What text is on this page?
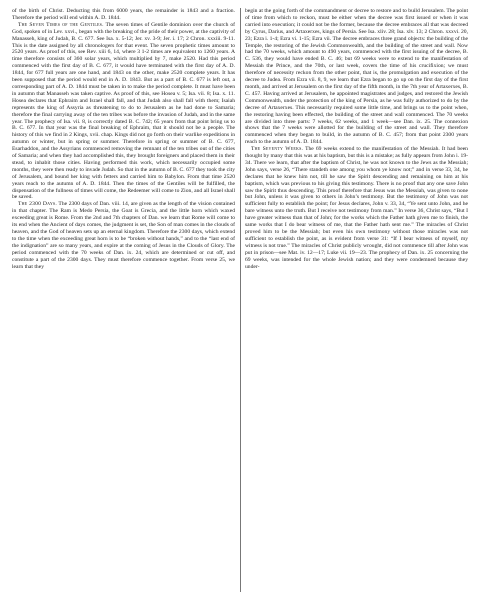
of the birth of Christ. Deducting this from 6000 years, the remainder is 1843 and a fraction. Therefore the period will end within A. D. 1844.

The Seven Times of the Gentiles. The seven times of Gentile dominion over the church of God, spoken of in Lev. xxvi., began with the breaking of the pride of their power, at the captivity of Manasseh, king of Judah, B. C. 677. See Isa. x. 5-12; Jer. xv. 3-9; Jer. i. 17; 2 Chron. xxxiii. 9-11. This is the date assigned by all chronologers for that event. The seven prophetic times amount to 2520 years. As proof of this, see Rev. xiii 6, 14, where 3 1-2 times are equivalent to 1260 years. A time therefore consists of 360 solar years, which multiplied by 7, make 2520. Had this period commenced with the first day of B. C. 677, it would have terminated with the first day of A. D. 1844, for 677 full years are one hand, and 1843 on the other, make 2520 complete years. It has been supposed that the period would end in A. D. 1843. But as a part of B. C. 677 is left out, a corresponding part of A. D. 1844 must be taken in to make the period complete. It must have been in autumn that Manasseh was taken captive. As proof of this, see Hosea v. 5; Isa. vii. 8; Isa. x. 11. Hosea declares that Ephraim and Israel shall fall, and that Judah also shall fall with them; Isaiah represents the king of Assyria as threatening to do to Jerusalem as he had done to Samaria; therefore the final carrying away of the ten tribes was before the invasion of Judah, and in the same year. The prophecy of Isa. vii. 8, is correctly dated B. C. 742; 65 years from that point bring us to B. C. 677. In that year was the final breaking of Ephraim, that it should not be a people. The history of this we find in 2 Kings, xvii. chap. Kings did not go forth on their warlike expeditions in autumn or winter, but in spring or summer. Therefore in spring or summer of B. C. 677, Esarhaddon, and the Assyrians commenced removing the remnant of the ten tribes out of the cities of Samaria; and when they had accomplished this, they brought foreigners and placed them in their stead, to inhabit those cities. Having performed this work, which necessarily occupied some months, they were then ready to invade Judah. So that in the autumn of B. C. 677 they took the city of Jerusalem, and bound her king with fetters and carried him to Babylon. From that time 2520 years reach to the autumn of A. D. 1844. Then the times of the Gentiles will be fulfilled, the dispensation of the fullness of times will come, the Redeemer will come to Zion, and all Israel shall be saved.

The 2300 Days. The 2300 days of Dan. viii. 14, are given as the length of the vision contained in that chapter. The Ram is Medo Persia, the Goat is Grecia, and the little horn which waxed exceeding great is Rome. From the 2nd and 7th chapters of Dan. we learn that Rome will come to its end when the Ancient of days comes, the judgment is set, the Son of man comes in the clouds of heaven, and the God of heaven sets up an eternal kingdom. Therefore the 2300 days, which extend to the time when the exceeding great horn is to be “broken without hands,” and to the “last end of the indignation” are so many years, and expire at the coming of Jesus in the Clouds of Glory. The period commenced with the 70 weeks of Dan. ix. 24, which are determined or cut off, and constitute a part of the 2300 days. They must therefore commence together. From verse 25, we learn that they

begin at the going forth of the commandment or decree to restore and to build Jerusalem. The point of time from which to reckon, must be either when the decree was first issued or when it was carried into execution; it could not be the former, because the decree embraces all that was decreed by Cyrus, Darius, and Artaxerxes, kings of Persia. See Isa. xliv. 28; Isa. xlv. 13; 2 Chron. xxxvi. 20, 23; Ezra i. 1-4; Ezra vi. 1-15; Ezra vii. The decree embraces three grand objects: the building of the Temple, the restoring of the Jewish Commonwealth, and the building of the street and wall. Now had the 70 weeks, which amount to 490 years, commenced with the first issuing of the decree, B. C. 536, they would have ended B. C. 46; but 69 weeks were to extend to the manifestation of Messiah the Prince, and the 70th, or last week, covers the time of his crucifixion; we must therefore of necessity reckon from the other point, that is, the promulgation and execution of the decree to Judea. From Ezra vii. 8, 9, we learn that Ezra began to go up on the first day of the first month, and arrived at Jerusalem on the first day of the fifth month, in the 7th year of Artaxerxes, B. C. 457. Having arrived at Jerusalem, he appointed magistrates and judges, and restored the Jewish Commonwealth, under the protection of the king of Persia, as he was fully authorized to do by the decree of Artaxerxes. This necessarily required some little time, and brings us to the point when, the restoring having been effected, the building of the street and wall commenced. The 70 weeks are divided into three parts: 7 weeks, 62 weeks, and 1 week—see Dan. ix. 25. The connexion shows that the 7 weeks were allotted for the building of the street and wall. They therefore commenced when they began to build, in the autumn of B. C. 457; from that point 2300 years reach to the autumn of A. D. 1844.

The Seventy Weeks. The 69 weeks extend to the manifestation of the Messiah. It had been thought by many that this was at his baptism, but this is a mistake; as fully appears from John i. 19-34. There we learn, that after the baptism of Christ, he was not known to the Jews as the Messiah; John says, verse 26, “There standeth one among you whom ye know not;” and in verse 33, 34, he declares that he knew him not, till he saw the Spirit descending and remaining on him at his baptism, which was previous to his giving this testimony. There is no proof that any one save John saw the Spirit thus descending. This proof therefore that Jesus was the Messiah, was given to none but John, unless it was given to others in John’s testimony. But the testimony of John was not sufficient fully to establish the point; for Jesus declares, John v. 33, 34, “Ye sent unto John, and he bare witness unto the truth. But I receive not testimony from man.” In verse 36, Christ says, “But I have greater witness than that of John; for the works which the Father hath given me to finish, the same works that I do bear witness of me, that the Father hath sent me.” The miracles of Christ proved him to be the Messiah; but even his own testimony without those miracles was not sufficient to establish the point, as is evident from verse 31: “If I bear witness of myself, my witness is not true.” The miracles of Christ publicly wrought, did not commence till after John was put in prison—see Mat. iv. 12—17; Luke vii. 19—23. The prophecy of Dan. ix. 25 concerning the 69 weeks, was intended for the whole Jewish nation; and they were condemned because they under-
